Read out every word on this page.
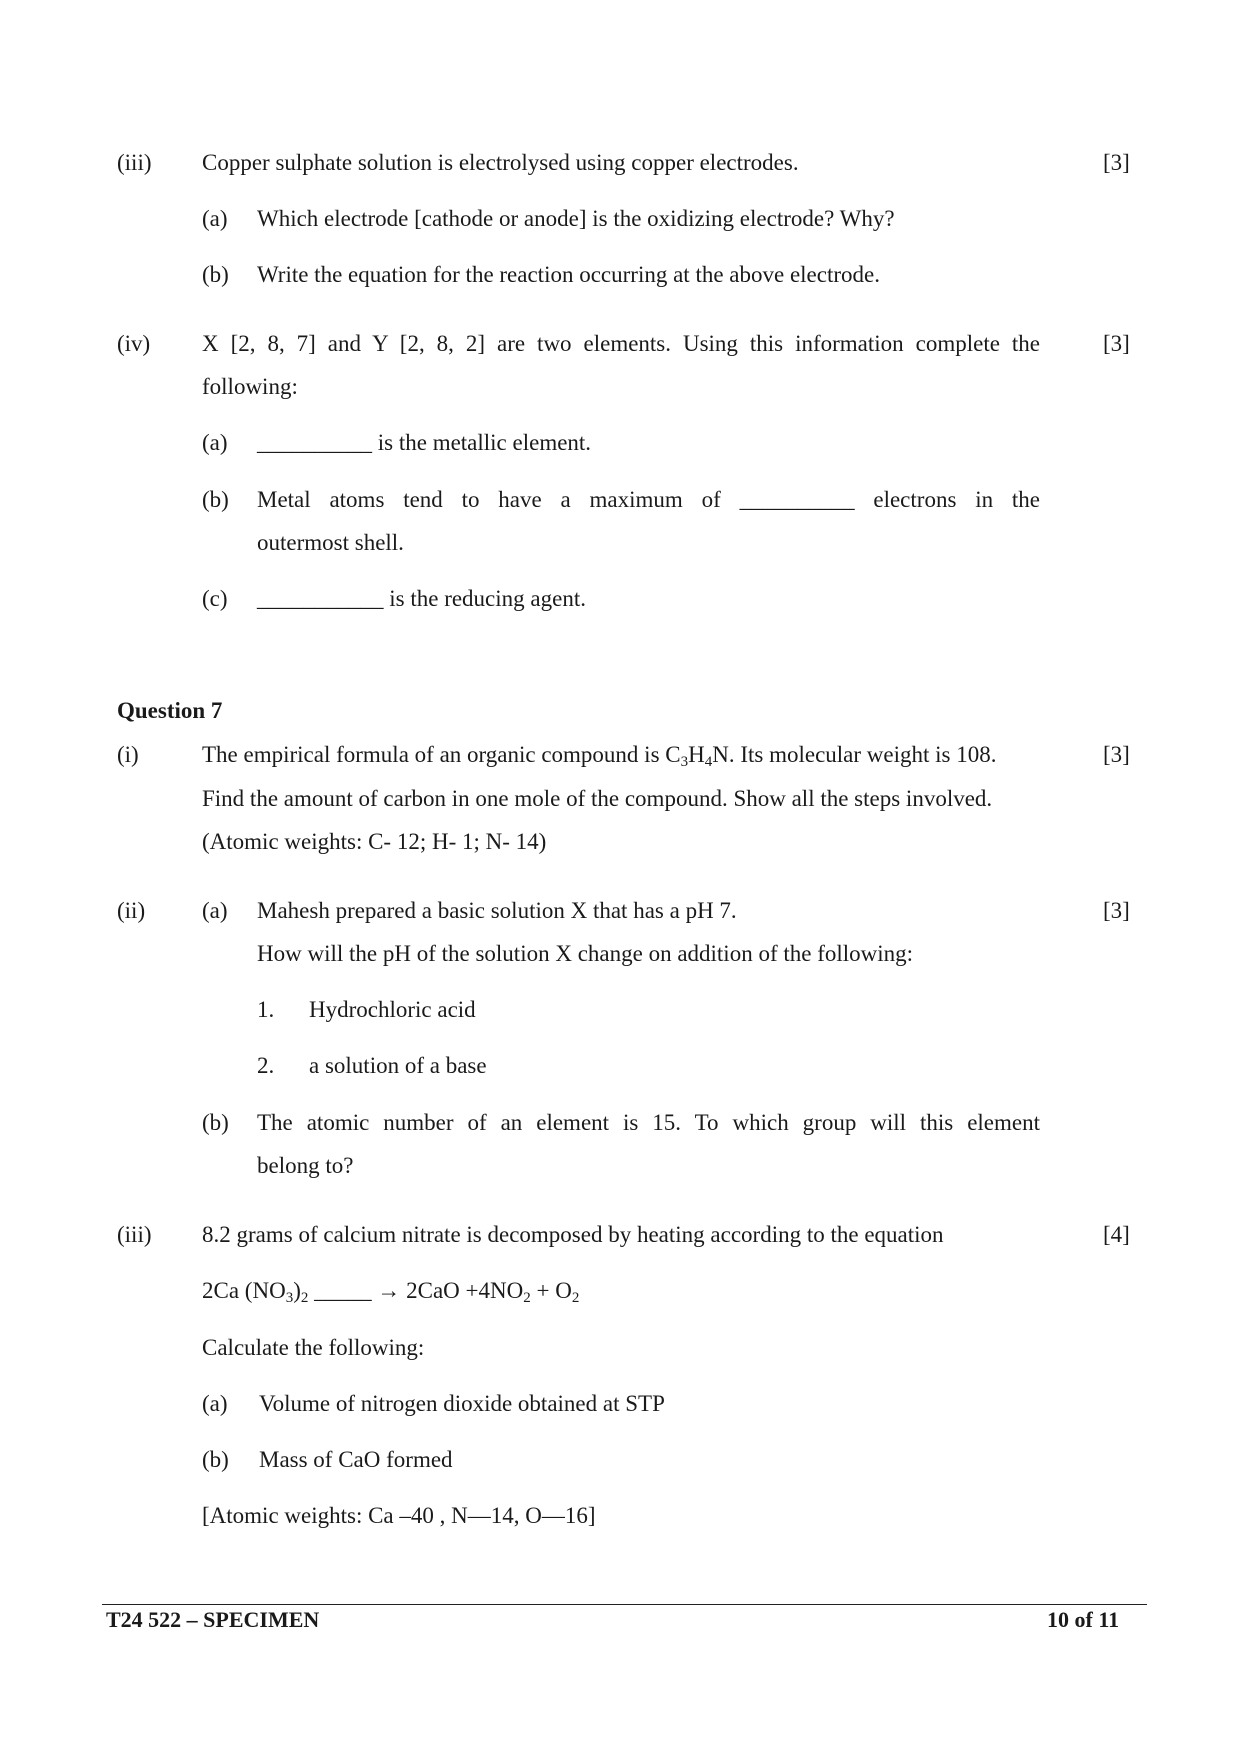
(iii) Copper sulphate solution is electrolysed using copper electrodes.	[3]
(a) Which electrode [cathode or anode] is the oxidizing electrode? Why?
(b) Write the equation for the reaction occurring at the above electrode.
(iv) X [2, 8, 7] and Y [2, 8, 2] are two elements. Using this information complete the	[3]
following:
(a) __________ is the metallic element.
(b) Metal atoms tend to have a maximum of __________ electrons in the
outermost shell.
(c) ___________ is the reducing agent.
Question 7
(i)	The empirical formula of an organic compound is $C_3H_4N$. Its molecular weight is 108.	[3]
Find the amount of carbon in one mole of the compound. Show all the steps involved.
(Atomic weights: C- 12; H- 1; N- 14)
(ii) (a) Mahesh prepared a basic solution X that has a pH 7.	[3]
How will the pH of the solution X change on addition of the following:
1. Hydrochloric acid
2. a solution of a base
(b) The atomic number of an element is 15. To which group will this element
belong to?
(iii) 8.2 grams of calcium nitrate is decomposed by heating according to the equation	[4]
2Ca $(NO_3)_2$ _____ → $2CaO +4NO_2 + O_2$
Calculate the following:
(a) Volume of nitrogen dioxide obtained at STP
(b) Mass of CaO formed
[Atomic weights: Ca –40 , N—14, O—16]
T24 522 – SPECIMEN	10 of 11
